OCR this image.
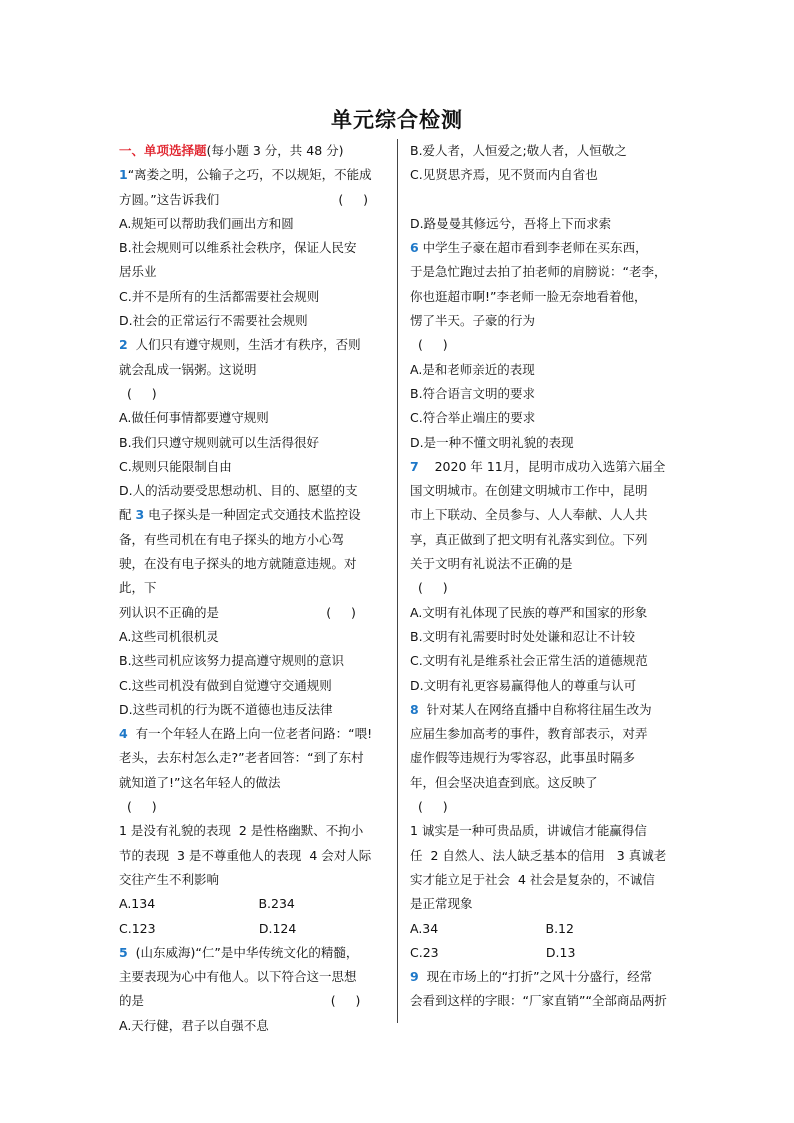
单元综合检测
一、单项选择题(每小题 3 分，共 48 分)
1“离娄之明，公输子之巧，不以规矩，不能成
方圆。”这告诉我们                              (     )
A.规矩可以帮助我们画出方和圆
B.社会规则可以维系社会秩序，保证人民安
居乐业
C.并不是所有的生活都需要社会规则
D.社会的正常运行不需要社会规则
2  人们只有遵守规则，生活才有秩序，否则
就会乱成一锅粥。这说明
(     )
A.做任何事情都要遵守规则
B.我们只遵守规则就可以生活得很好
C.规则只能限制自由
D.人的活动要受思想动机、目的、愿望的支
配 3 电子探头是一种固定式交通技术监控设
备，有些司机在有电子探头的地方小心驾
驶，在没有电子探头的地方就随意违规。对
此，下
列认识不正确的是                           (     )
A.这些司机很机灵
B.这些司机应该努力提高遵守规则的意识
C.这些司机没有做到自觉遵守交通规则
D.这些司机的行为既不道德也违反法律
4  有一个年轻人在路上向一位老者问路：“喂!
老头，去东村怎么走?”老者回答：“到了东村
就知道了!”这名年轻人的做法
(     )
1 是没有礼貌的表现  2 是性格幽默、不拘小
节的表现  3 是不尊重他人的表现  4 会对人际
交往产生不利影响
A.134                          B.234
C.123                          D.124
5  (山东威海)“仁”是中华传统文化的精髓，
主要表现为心中有他人。以下符合这一思想
的是                                               (     )
A.天行健，君子以自强不息
B.爱人者，人恒爱之;敬人者，人恒敬之
C.见贤思齐焉，见不贤而内自省也
D.路曼曼其修远兮，吾将上下而求索
6 中学生子豪在超市看到李老师在买东西，
于是急忙跑过去拍了拍老师的肩膀说：“老李，
你也逛超市啊!”李老师一脸无奈地看着他，
愣了半天。子豪的行为
(     )
A.是和老师亲近的表现
B.符合语言文明的要求
C.符合举止端庄的要求
D.是一种不懂文明礼貌的表现
7    2020 年 11月，昆明市成功入选第六届全
国文明城市。在创建文明城市工作中，昆明
市上下联动、全员参与、人人奉献、人人共
享，真正做到了把文明有礼落实到位。下列
关于文明有礼说法不正确的是
(     )
A.文明有礼体现了民族的尊严和国家的形象
B.文明有礼需要时时处处谦和忍让不计较
C.文明有礼是维系社会正常生活的道德规范
D.文明有礼更容易赢得他人的尊重与认可
8  针对某人在网络直播中自称将往届生改为
应届生参加高考的事件，教育部表示，对弄
虚作假等违规行为零容忍，此事虽时隔多
年，但会坚决追查到底。这反映了
(     )
1 诚实是一种可贵品质，讲诚信才能赢得信
任  2 自然人、法人缺乏基本的信用   3 真诚老
实才能立足于社会  4 社会是复杂的，不诚信
是正常现象
A.34                           B.12
C.23                           D.13
9  现在市场上的“打折”之风十分盛行，经常
会看到这样的字眼：“厂家直销”“全部商品两折
